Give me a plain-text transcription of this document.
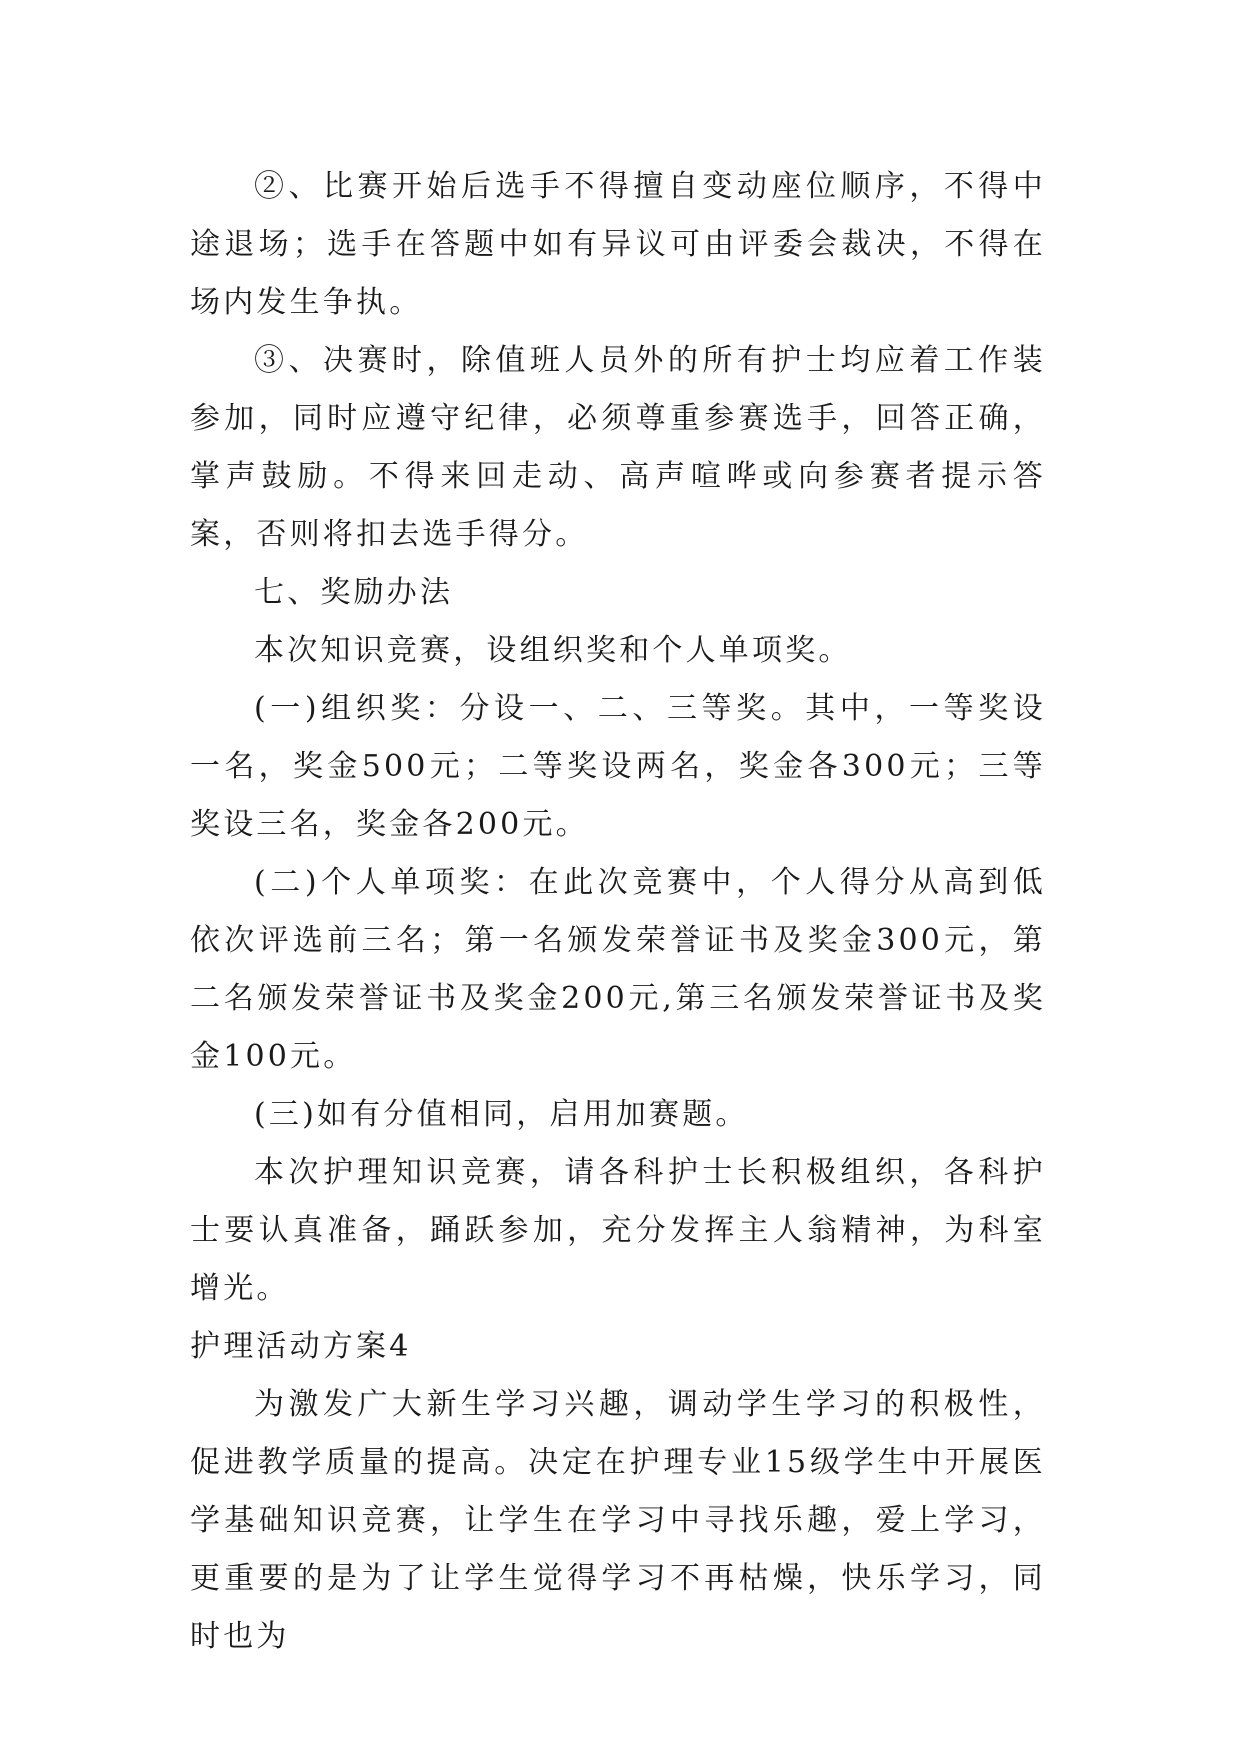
②、比赛开始后选手不得擅自变动座位顺序，不得中途退场；选手在答题中如有异议可由评委会裁决，不得在场内发生争执。

③、决赛时，除值班人员外的所有护士均应着工作装参加，同时应遵守纪律，必须尊重参赛选手，回答正确，掌声鼓励。不得来回走动、高声喧哗或向参赛者提示答案，否则将扣去选手得分。

七、奖励办法

本次知识竞赛，设组织奖和个人单项奖。

(一)组织奖：分设一、二、三等奖。其中，一等奖设一名，奖金500元；二等奖设两名，奖金各300元；三等奖设三名，奖金各200元。

(二)个人单项奖：在此次竞赛中，个人得分从高到低依次评选前三名；第一名颁发荣誉证书及奖金300元，第二名颁发荣誉证书及奖金200元,第三名颁发荣誉证书及奖金100元。

(三)如有分值相同，启用加赛题。

本次护理知识竞赛，请各科护士长积极组织，各科护士要认真准备，踊跃参加，充分发挥主人翁精神，为科室增光。

护理活动方案4

为激发广大新生学习兴趣，调动学生学习的积极性，促进教学质量的提高。决定在护理专业15级学生中开展医学基础知识竞赛，让学生在学习中寻找乐趣，爱上学习，更重要的是为了让学生觉得学习不再枯燥，快乐学习，同时也为
